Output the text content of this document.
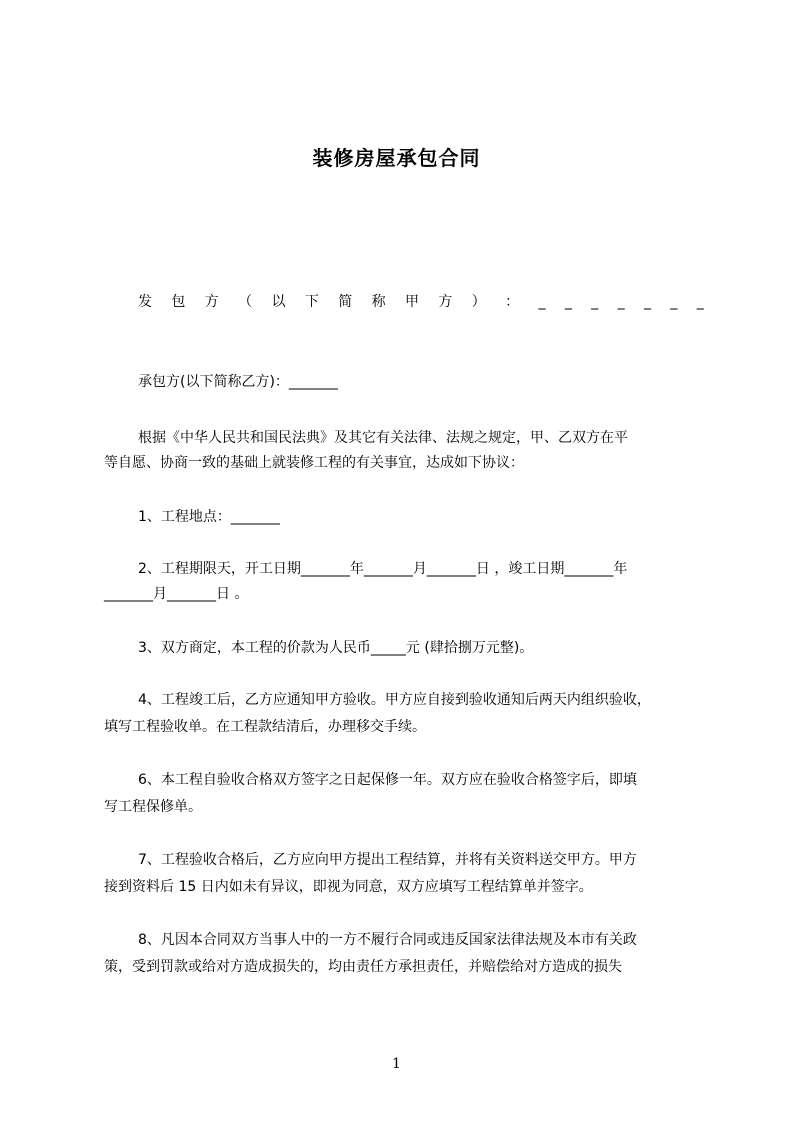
装修房屋承包合同
发 包 方 （ 以 下 简 称 甲 方 ） ： _ _ _ _ _ _ _
承包方(以下简称乙方)：_______
根据《中华人民共和国民法典》及其它有关法律、法规之规定，甲、乙双方在平
等自愿、协商一致的基础上就装修工程的有关事宜，达成如下协议：
1、工程地点：_______
2、工程期限天，开工日期_______年_______月_______日 ，竣工日期_______年
_______月_______日 。
3、双方商定，本工程的价款为人民币_____元 (肆拾捌万元整)。
4、工程竣工后，乙方应通知甲方验收。甲方应自接到验收通知后两天内组织验收，
填写工程验收单。在工程款结清后，办理移交手续。
6、本工程自验收合格双方签字之日起保修一年。双方应在验收合格签字后，即填
写工程保修单。
7、工程验收合格后，乙方应向甲方提出工程结算，并将有关资料送交甲方。甲方
接到资料后 15 日内如未有异议，即视为同意，双方应填写工程结算单并签字。
8、凡因本合同双方当事人中的一方不履行合同或违反国家法律法规及本市有关政
策，受到罚款或给对方造成损失的，均由责任方承担责任，并赔偿给对方造成的损失
1
